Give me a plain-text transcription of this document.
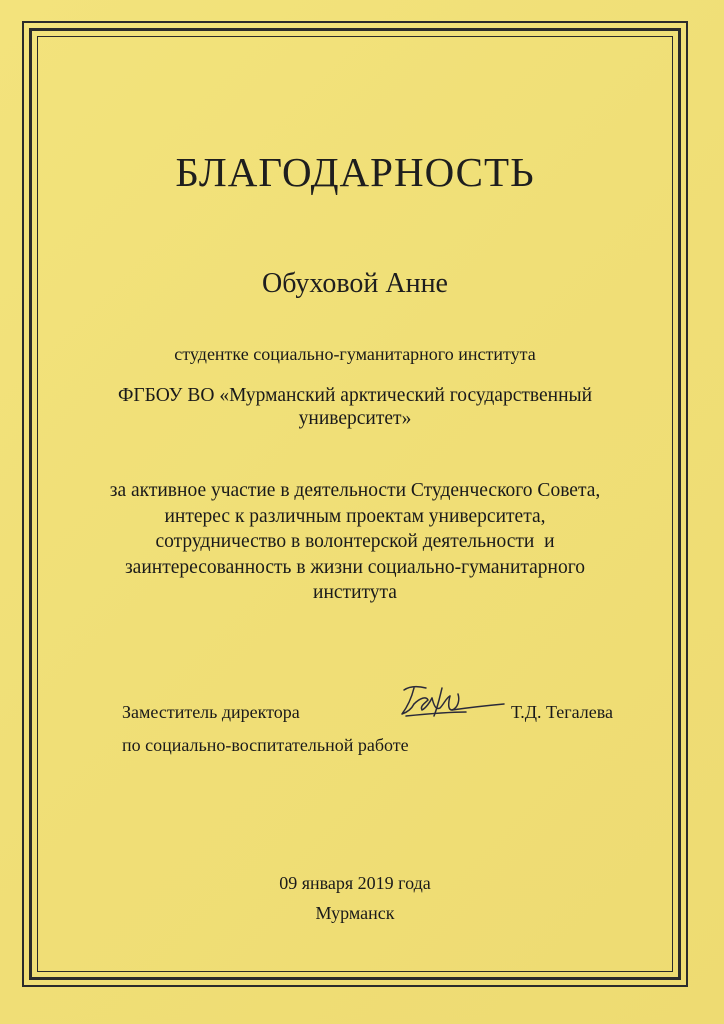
БЛАГОДАРНОСТЬ
Обуховой Анне
студентке социально-гуманитарного института
ФГБОУ ВО «Мурманский арктический государственный
университет»
за активное участие в деятельности Студенческого Совета,
интерес к различным проектам университета,
сотрудничество в волонтерской деятельности  и
заинтересованность в жизни социально-гуманитарного
института
Заместитель директора
по социально-воспитательной работе
Т.Д. Тегалева
09 января 2019 года
Мурманск
